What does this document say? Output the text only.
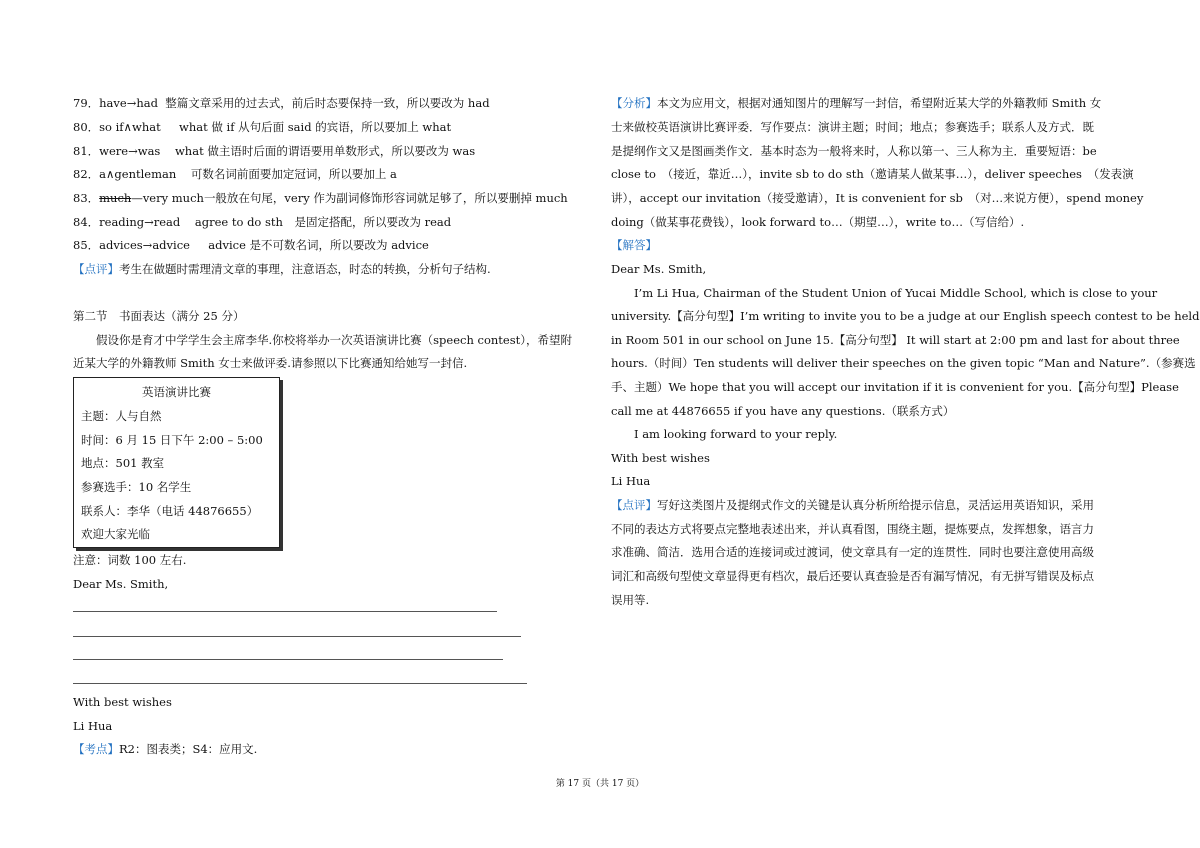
79．have→had 整篇文章采用的过去式，前后时态要保持一致，所以要改为 had
80．so if∧what what 做 if 从句后面 said 的宾语，所以要加上 what
81．were→was what 做主语时后面的谓语要用单数形式，所以要改为 was
82．a∧gentleman 可数名词前面要加定冠词，所以要加上 a
83．much—very much一般放在句尾，very 作为副词修饰形容词就足够了，所以要删掉 much
84．reading→read agree to do sth　是固定搭配，所以要改为 read
85．advices→advice advice 是不可数名词，所以要改为 advice
【点评】考生在做题时需理清文章的事理，注意语态，时态的转换，分析句子结构.
第二节　书面表达（满分 25 分）
假设你是育才中学学生会主席李华.你校将举办一次英语演讲比赛（speech contest），希望附
近某大学的外籍教师 Smith 女士来做评委.请参照以下比赛通知给她写一封信.
英语演讲比赛
主题：人与自然
时间：6 月 15 日下午 2:00 – 5:00
地点：501 教室
参赛选手：10 名学生
联系人：李华（电话 44876655）
欢迎大家光临
注意：词数 100 左右.
Dear Ms. Smith,
With best wishes
Li Hua
【考点】R2：图表类；S4：应用文.
【分析】本文为应用文，根据对通知图片的理解写一封信，希望附近某大学的外籍教师 Smith 女
士来做校英语演讲比赛评委．写作要点：演讲主题；时间；地点；参赛选手；联系人及方式．既
是提纲作文又是图画类作文．基本时态为一般将来时，人称以第一、三人称为主．重要短语：be
close to　（接近，靠近…），invite sb to do sth（邀请某人做某事…），deliver speeches　（发表演
讲），accept our invitation（接受邀请），It is convenient for sb　（对…来说方便），spend money
doing（做某事花费钱），look forward to…（期望…），write to…（写信给）.
【解答】
Dear Ms. Smith,
I’m Li Hua, Chairman of the Student Union of Yucai Middle School, which is close to your
university.【高分句型】I’m writing to invite you to be a judge at our English speech contest to be held
in Room 501 in our school on June 15.【高分句型】 It will start at 2:00 pm and last for about three
hours.（时间）Ten students will deliver their speeches on the given topic “Man and Nature”.（参赛选
手、主题）We hope that you will accept our invitation if it is convenient for you.【高分句型】Please
call me at 44876655 if you have any questions.（联系方式）
I am looking forward to your reply.
With best wishes
Li Hua
【点评】写好这类图片及提纲式作文的关键是认真分析所给提示信息，灵活运用英语知识，采用
不同的表达方式将要点完整地表述出来，并认真看图，围绕主题，提炼要点，发挥想象，语言力
求准确、简洁．选用合适的连接词或过渡词，使文章具有一定的连贯性．同时也要注意使用高级
词汇和高级句型使文章显得更有档次，最后还要认真查验是否有漏写情况，有无拼写错误及标点
误用等.
第 17 页（共 17 页）
